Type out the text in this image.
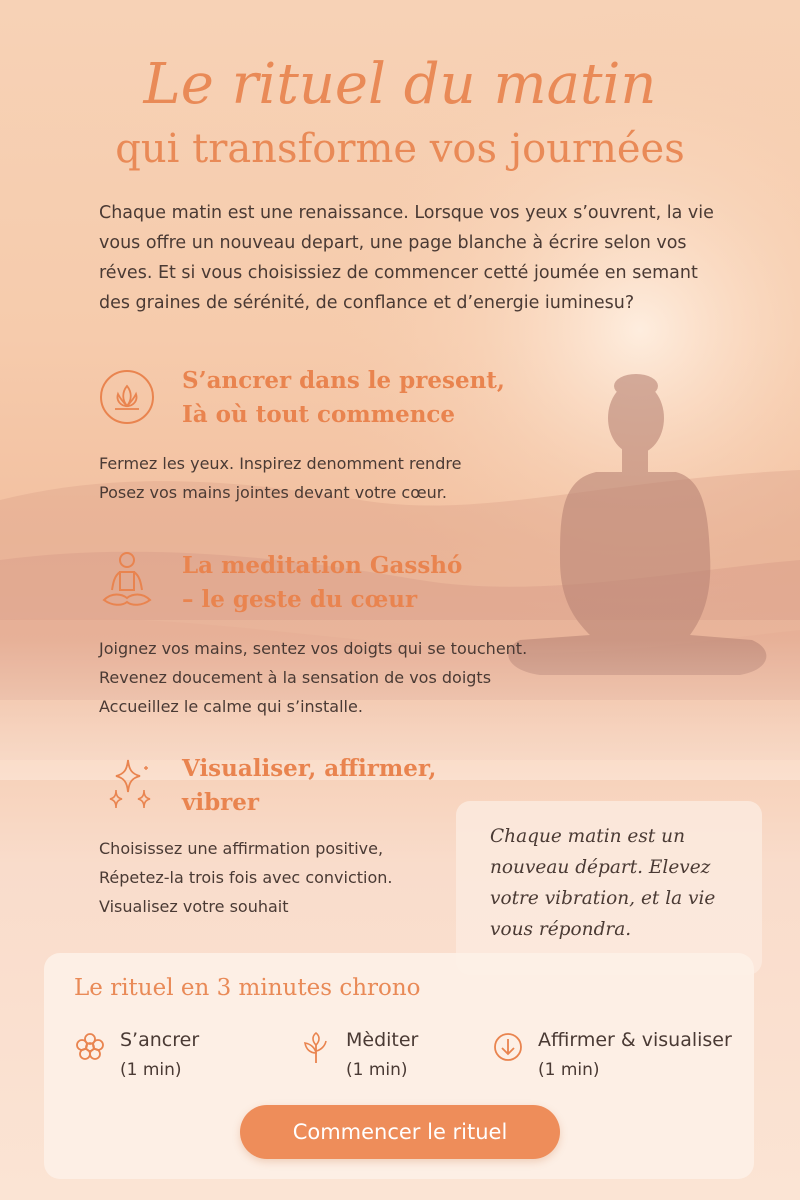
Le rituel du matin
qui transforme vos journées

Chaque matin est une renaissance. Lorsque vos yeux s’ouvrent, la vie vous offre un nouveau depart, une page blanche à écrire selon vos réves. Et si vous choisissiez de commencer cetté joumée en semant des graines de sérénité, de conflance et d’energie iuminesu?

S’ancrer dans le present,
Ià où tout commence
Fermez les yeux. Inspirez denomment rendre
Posez vos mains jointes devant votre cœur.
La meditation Gasshó
– le geste du cœur
Joignez vos mains, sentez vos doigts qui se touchent.
Revenez doucement à la sensation de vos doigts
Accueillez le calme qui s’installe.
Visualiser, affirmer,
vibrer
Choisissez une affirmation positive,
Répetez-la trois fois avec conviction.
Visualisez votre souhait
Chaque matin est un nouveau départ. Elevez votre vibration, et la vie vous répondra.
Le rituel en 3 minutes chrono
S’ancrer
(1 min)
Mèditer
(1 min)
Affirmer & visualiser
(1 min)
Commencer le rituel
